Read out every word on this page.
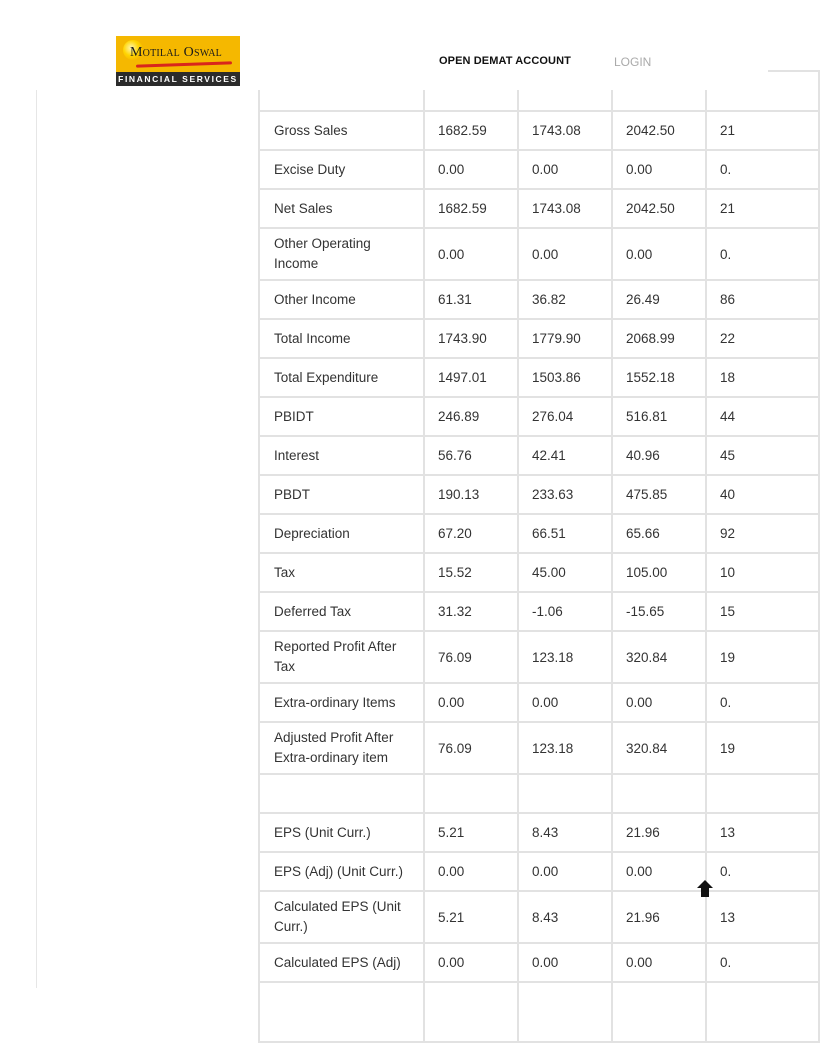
Motilal Oswal
FINANCIAL SERVICES
OPEN DEMAT ACCOUNT	LOGIN

Gross Sales	1682.59	1743.08	2042.50	21
Excise Duty	0.00	0.00	0.00	0.
Net Sales	1682.59	1743.08	2042.50	21
Other Operating Income	0.00	0.00	0.00	0.
Other Income	61.31	36.82	26.49	86
Total Income	1743.90	1779.90	2068.99	22
Total Expenditure	1497.01	1503.86	1552.18	18
PBIDT	246.89	276.04	516.81	44
Interest	56.76	42.41	40.96	45
PBDT	190.13	233.63	475.85	40
Depreciation	67.20	66.51	65.66	92
Tax	15.52	45.00	105.00	10
Deferred Tax	31.32	-1.06	-15.65	15
Reported Profit After Tax	76.09	123.18	320.84	19
Extra-ordinary Items	0.00	0.00	0.00	0.
Adjusted Profit After Extra-ordinary item	76.09	123.18	320.84	19

EPS (Unit Curr.)	5.21	8.43	21.96	13
EPS (Adj) (Unit Curr.)	0.00	0.00	0.00	0.
Calculated EPS (Unit Curr.)	5.21	8.43	21.96	13
Calculated EPS (Adj)	0.00	0.00	0.00	0.
